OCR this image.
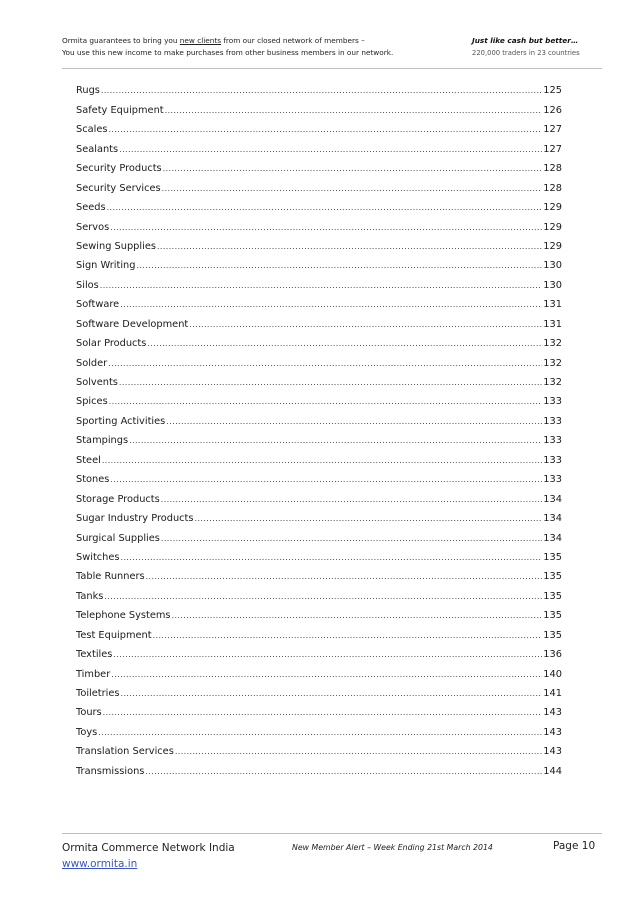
Ormita guarantees to bring you new clients from our closed network of members –
You use this new income to make purchases from other business members in our network.
Just like cash but better…
220,000 traders in 23 countries
Rugs .....	125
Safety Equipment .....	126
Scales .....	127
Sealants .....	127
Security Products .....	128
Security Services .....	128
Seeds .....	129
Servos .....	129
Sewing Supplies .....	129
Sign Writing .....	130
Silos .....	130
Software .....	131
Software Development .....	131
Solar Products .....	132
Solder .....	132
Solvents .....	132
Spices .....	133
Sporting Activities .....	133
Stampings .....	133
Steel .....	133
Stones .....	133
Storage Products .....	134
Sugar Industry Products .....	134
Surgical Supplies .....	134
Switches .....	135
Table Runners .....	135
Tanks .....	135
Telephone Systems .....	135
Test Equipment .....	135
Textiles .....	136
Timber .....	140
Toiletries .....	141
Tours .....	143
Toys .....	143
Translation Services .....	143
Transmissions .....	144
Ormita Commerce Network India
www.ormita.in
New Member Alert – Week Ending 21st March 2014	Page 10
